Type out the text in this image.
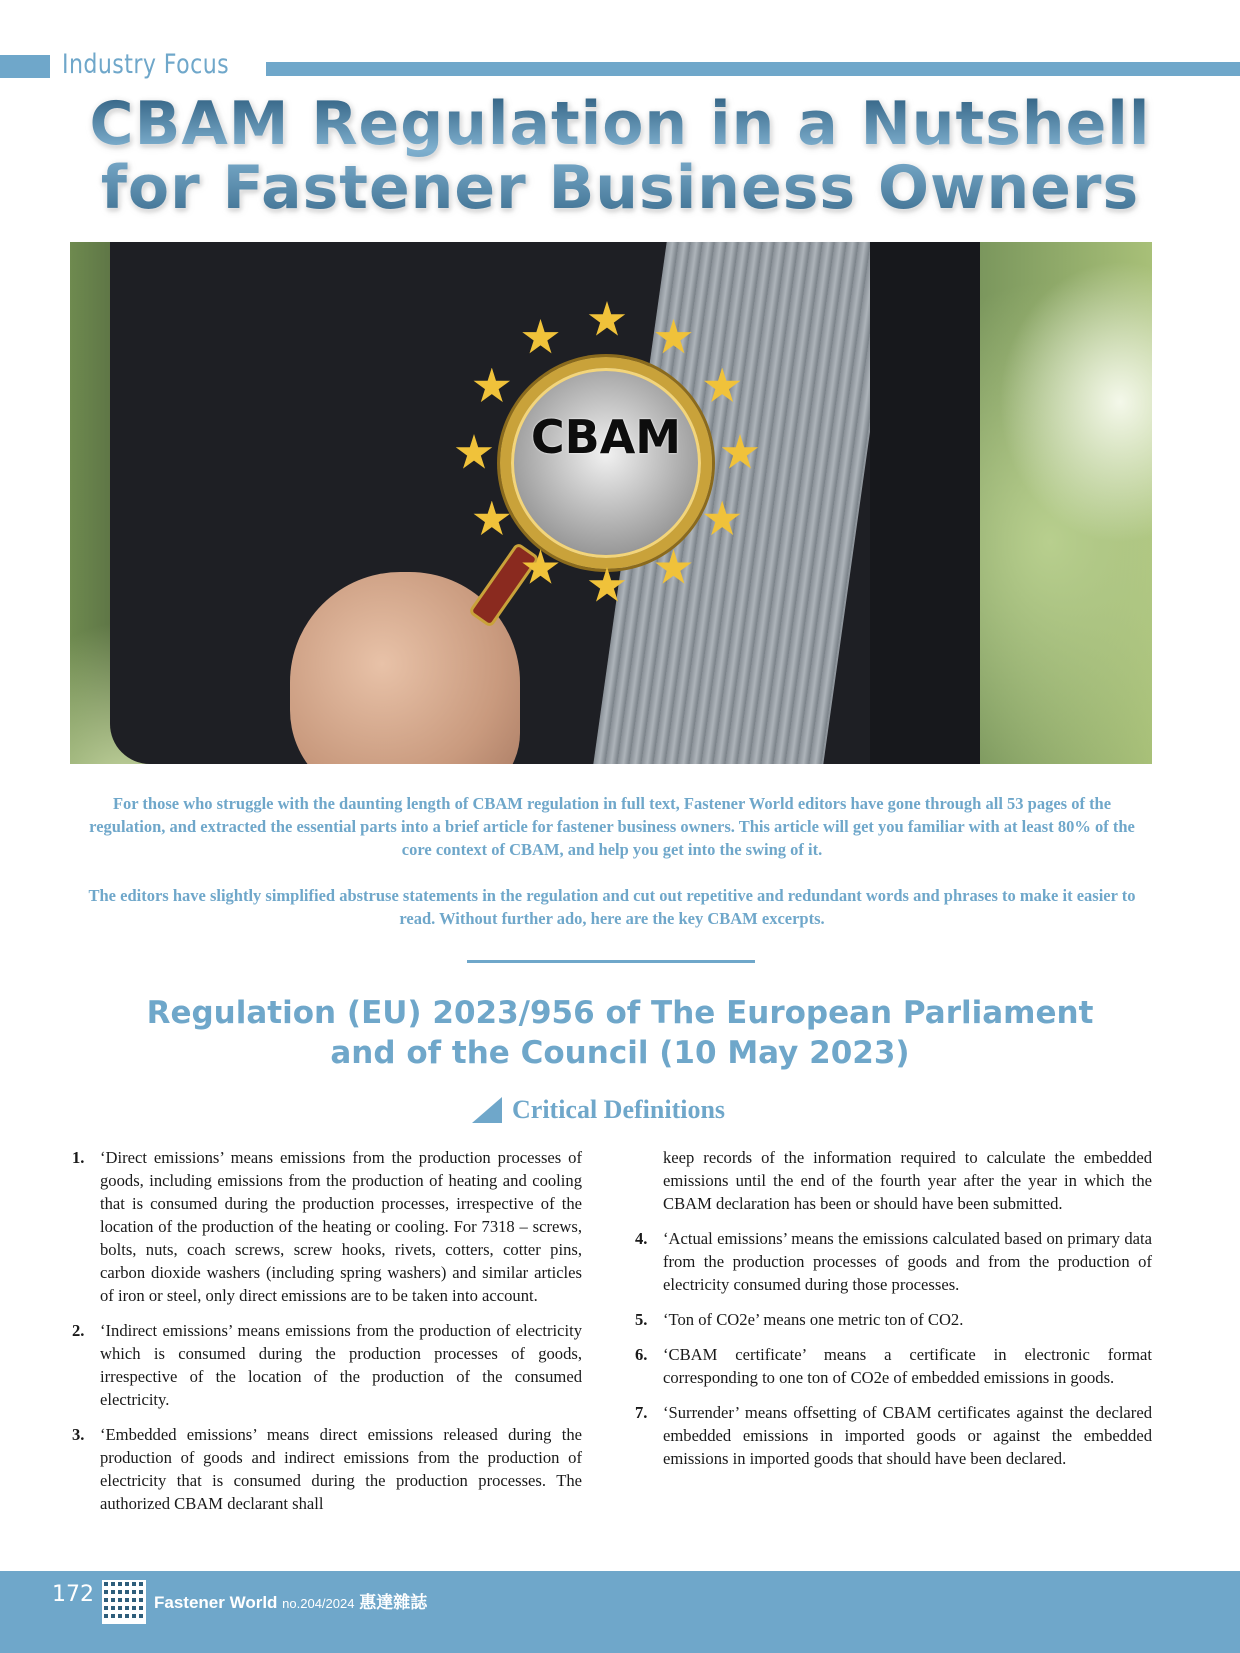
Industry Focus
CBAM Regulation in a Nutshell
for Fastener Business Owners
CBAM
For those who struggle with the daunting length of CBAM regulation in full text, Fastener World editors have gone through all 53 pages of the regulation, and extracted the essential parts into a brief article for fastener business owners. This article will get you familiar with at least 80% of the core context of CBAM, and help you get into the swing of it.
The editors have slightly simplified abstruse statements in the regulation and cut out repetitive and redundant words and phrases to make it easier to read. Without further ado, here are the key CBAM excerpts.
Regulation (EU) 2023/956 of The European Parliament
and of the Council (10 May 2023)
Critical Definitions
1. ‘Direct emissions’ means emissions from the production processes of goods, including emissions from the production of heating and cooling that is consumed during the production processes, irrespective of the location of the production of the heating or cooling. For 7318 – screws, bolts, nuts, coach screws, screw hooks, rivets, cotters, cotter pins, carbon dioxide washers (including spring washers) and similar articles of iron or steel, only direct emissions are to be taken into account.
2. ‘Indirect emissions’ means emissions from the production of electricity which is consumed during the production processes of goods, irrespective of the location of the production of the consumed electricity.
3. ‘Embedded emissions’ means direct emissions released during the production of goods and indirect emissions from the production of electricity that is consumed during the production processes. The authorized CBAM declarant shall
keep records of the information required to calculate the embedded emissions until the end of the fourth year after the year in which the CBAM declaration has been or should have been submitted.
4. ‘Actual emissions’ means the emissions calculated based on primary data from the production processes of goods and from the production of electricity consumed during those processes.
5. ‘Ton of CO2e’ means one metric ton of CO2.
6. ‘CBAM certificate’ means a certificate in electronic format corresponding to one ton of CO2e of embedded emissions in goods.
7. ‘Surrender’ means offsetting of CBAM certificates against the declared embedded emissions in imported goods or against the embedded emissions in imported goods that should have been declared.
172	Fastener World no.204/2024 惠達雜誌
